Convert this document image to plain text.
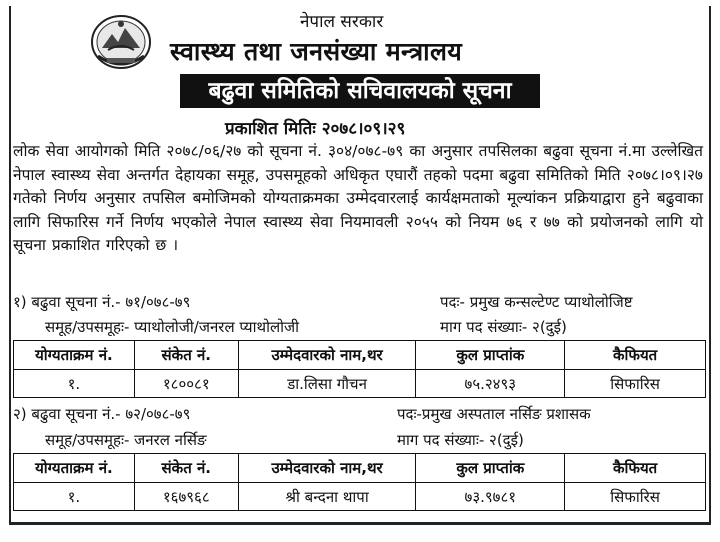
नेपाल सरकार
स्वास्थ्य तथा जनसंख्या मन्त्रालय
बढुवा समितिको सचिवालयको सूचना
प्रकाशित मितिः २०७८।०९।२९
लोक सेवा आयोगको मिति २०७८/०६/२७ को सूचना नं. ३०४/०७८-७९ का अनुसार तपसिलका बढुवा सूचना नं.मा उल्लेखित नेपाल स्वास्थ्य सेवा अन्तर्गत देहायका समूह, उपसमूहको अधिकृत एघारौं तहको पदमा बढुवा समितिको मिति २०७८।०९।२७ गतेको निर्णय अनुसार तपसिल बमोजिमको योग्यताक्रमका उम्मेदवारलाई कार्यक्षमताको मूल्यांकन प्रक्रियाद्वारा हुने बढुवाका लागि सिफारिस गर्ने निर्णय भएकोले नेपाल स्वास्थ्य सेवा नियमावली २०५५ को नियम ७६ र ७७ को प्रयोजनको लागि यो सूचना प्रकाशित गरिएको छ ।
१) बढुवा सूचना नं.- ७१/०७८-७९	पदः- प्रमुख कन्सल्टेण्ट प्याथोलोजिष्ट
समूह/उपसमूहः- प्याथोलोजी/जनरल प्याथोलोजी	माग पद संख्याः- २(दुई)
योग्यताक्रम नं.	संकेत नं.	उम्मेदवारको नाम,थर	कुल प्राप्तांक	कैफियत
१.	१८००८१	डा.लिसा गौचन	७५.२४९३	सिफारिस
२) बढुवा सूचना नं.- ७२/०७८-७९	पदः-प्रमुख अस्पताल नर्सिङ प्रशासक
समूह/उपसमूहः- जनरल नर्सिङ	माग पद संख्याः- २(दुई)
योग्यताक्रम नं.	संकेत नं.	उम्मेदवारको नाम,थर	कुल प्राप्तांक	कैफियत
१.	१६७९६८	श्री बन्दना थापा	७३.९७८१	सिफारिस
